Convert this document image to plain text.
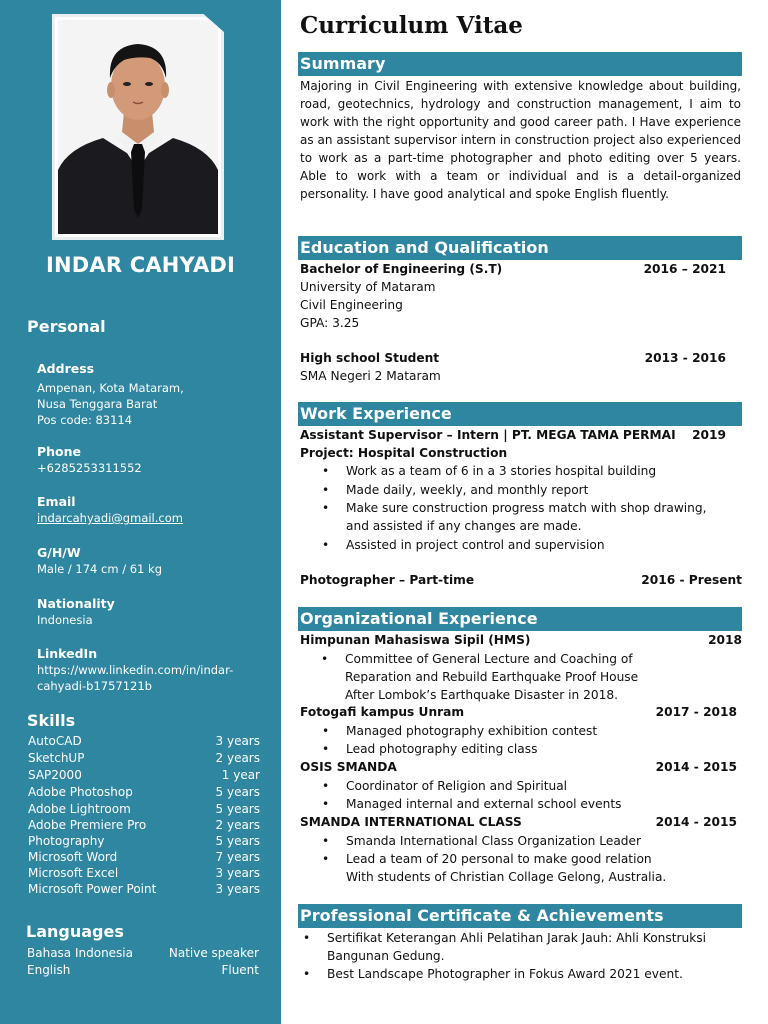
INDAR CAHYADI
Personal
Address
Ampenan, Kota Mataram,
Nusa Tenggara Barat
Pos code: 83114
Phone
+6285253311552
Email
indarcahyadi@gmail.com
G/H/W
Male / 174 cm / 61 kg
Nationality
Indonesia
LinkedIn
https://www.linkedin.com/in/indar-
cahyadi-b1757121b
Skills
AutoCAD	3 years
SketchUP	2 years
SAP2000	1 year
Adobe Photoshop	5 years
Adobe Lightroom	5 years
Adobe Premiere Pro	2 years
Photography	5 years
Microsoft Word	7 years
Microsoft Excel	3 years
Microsoft Power Point	3 years
Languages
Bahasa Indonesia	Native speaker
English	Fluent
Curriculum Vitae
Summary
Majoring in Civil Engineering with extensive knowledge about building, road, geotechnics, hydrology and construction management, I aim to work with the right opportunity and good career path. I Have experience as an assistant supervisor intern in construction project also experienced to work as a part-time photographer and photo editing over 5 years. Able to work with a team or individual and is a detail-organized personality. I have good analytical and spoke English fluently.
Education and Qualification
Bachelor of Engineering (S.T)	2016 – 2021
University of Mataram
Civil Engineering
GPA: 3.25
High school Student	2013 - 2016
SMA Negeri 2 Mataram
Work Experience
Assistant Supervisor – Intern | PT. MEGA TAMA PERMAI 2019
Project: Hospital Construction
• Work as a team of 6 in a 3 stories hospital building
• Made daily, weekly, and monthly report
• Make sure construction progress match with shop drawing,
and assisted if any changes are made.
• Assisted in project control and supervision
Photographer – Part-time	2016 - Present
Organizational Experience
Himpunan Mahasiswa Sipil (HMS)	2018
• Committee of General Lecture and Coaching of
Reparation and Rebuild Earthquake Proof House
After Lombok’s Earthquake Disaster in 2018.
Fotogafi kampus Unram	2017 - 2018
• Managed photography exhibition contest
• Lead photography editing class
OSIS SMANDA	2014 - 2015
• Coordinator of Religion and Spiritual
• Managed internal and external school events
SMANDA INTERNATIONAL CLASS	2014 - 2015
• Smanda International Class Organization Leader
• Lead a team of 20 personal to make good relation
With students of Christian Collage Gelong, Australia.
Professional Certificate & Achievements
• Sertifikat Keterangan Ahli Pelatihan Jarak Jauh: Ahli Konstruksi
Bangunan Gedung.
• Best Landscape Photographer in Fokus Award 2021 event.
